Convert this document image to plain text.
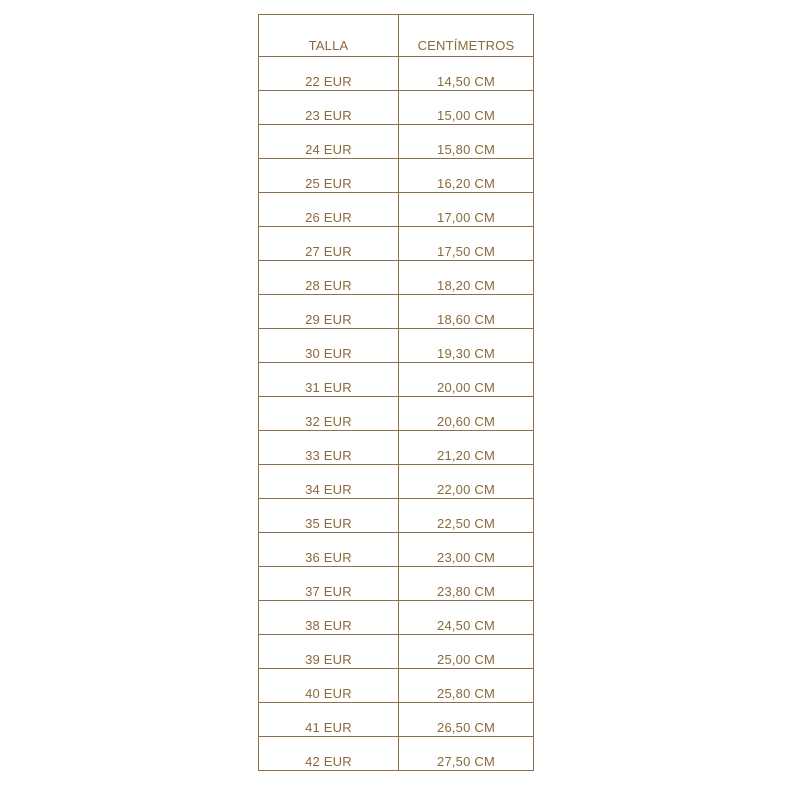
TALLA	CENTÍMETROS
22 EUR	14,50 CM
23 EUR	15,00 CM
24 EUR	15,80 CM
25 EUR	16,20 CM
26 EUR	17,00 CM
27 EUR	17,50 CM
28 EUR	18,20 CM
29 EUR	18,60 CM
30 EUR	19,30 CM
31 EUR	20,00 CM
32 EUR	20,60 CM
33 EUR	21,20 CM
34 EUR	22,00 CM
35 EUR	22,50 CM
36 EUR	23,00 CM
37 EUR	23,80 CM
38 EUR	24,50 CM
39 EUR	25,00 CM
40 EUR	25,80 CM
41 EUR	26,50 CM
42 EUR	27,50 CM
